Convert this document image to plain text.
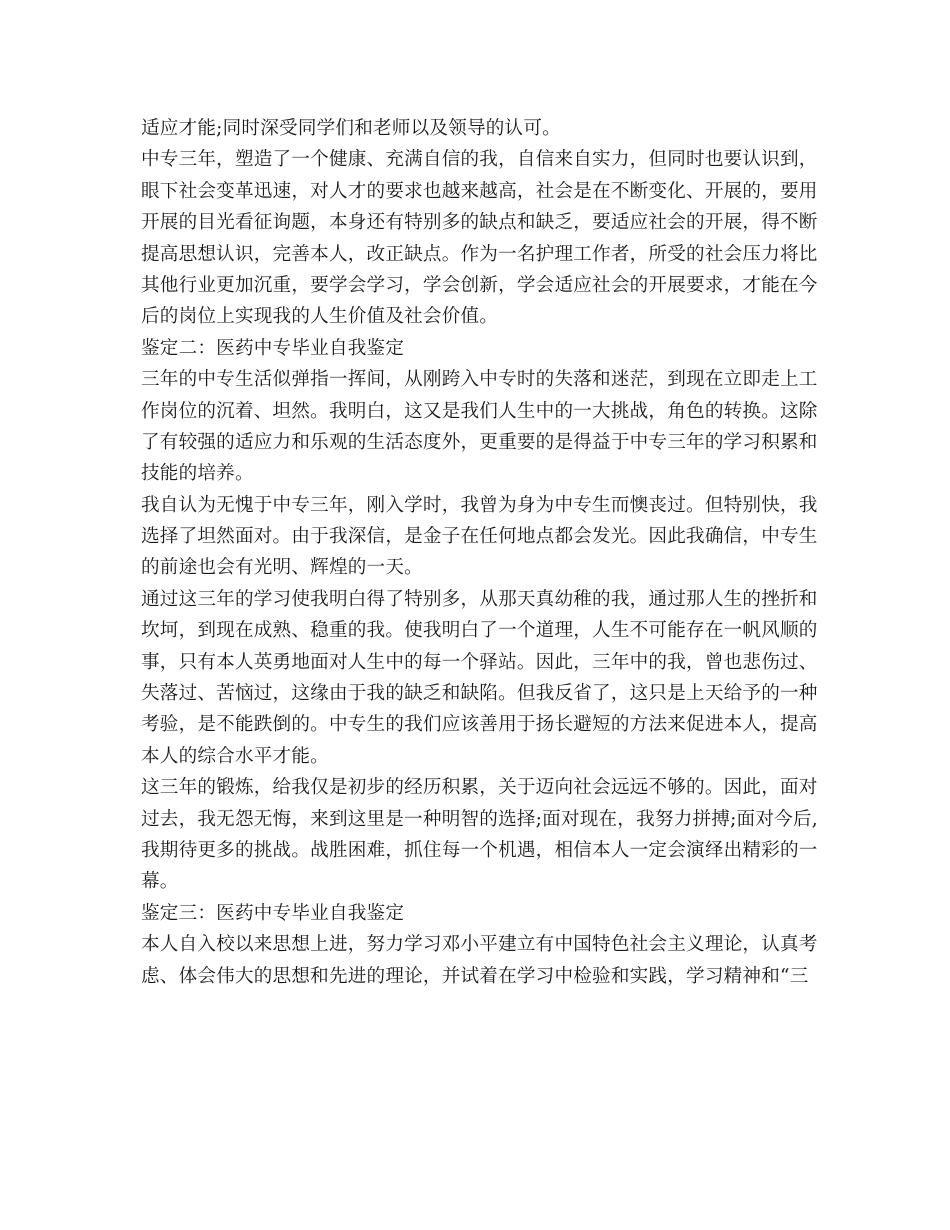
适应才能;同时深受同学们和老师以及领导的认可。
中专三年，塑造了一个健康、充满自信的我，自信来自实力，但同时也要认识到，
眼下社会变革迅速，对人才的要求也越来越高，社会是在不断变化、开展的，要用
开展的目光看征询题，本身还有特别多的缺点和缺乏，要适应社会的开展，得不断
提高思想认识，完善本人，改正缺点。作为一名护理工作者，所受的社会压力将比
其他行业更加沉重，要学会学习，学会创新，学会适应社会的开展要求，才能在今
后的岗位上实现我的人生价值及社会价值。
鉴定二：医药中专毕业自我鉴定
三年的中专生活似弹指一挥间，从刚跨入中专时的失落和迷茫，到现在立即走上工
作岗位的沉着、坦然。我明白，这又是我们人生中的一大挑战，角色的转换。这除
了有较强的适应力和乐观的生活态度外，更重要的是得益于中专三年的学习积累和
技能的培养。
我自认为无愧于中专三年，刚入学时，我曾为身为中专生而懊丧过。但特别快，我
选择了坦然面对。由于我深信，是金子在任何地点都会发光。因此我确信，中专生
的前途也会有光明、辉煌的一天。
通过这三年的学习使我明白得了特别多，从那天真幼稚的我，通过那人生的挫折和
坎坷，到现在成熟、稳重的我。使我明白了一个道理，人生不可能存在一帆风顺的
事，只有本人英勇地面对人生中的每一个驿站。因此，三年中的我，曾也悲伤过、
失落过、苦恼过，这缘由于我的缺乏和缺陷。但我反省了，这只是上天给予的一种
考验，是不能跌倒的。中专生的我们应该善用于扬长避短的方法来促进本人，提高
本人的综合水平才能。
这三年的锻炼，给我仅是初步的经历积累，关于迈向社会远远不够的。因此，面对
过去，我无怨无悔，来到这里是一种明智的选择;面对现在，我努力拼搏;面对今后,
我期待更多的挑战。战胜困难，抓住每一个机遇，相信本人一定会演绎出精彩的一
幕。
鉴定三：医药中专毕业自我鉴定
本人自入校以来思想上进，努力学习邓小平建立有中国特色社会主义理论，认真考
虑、体会伟大的思想和先进的理论，并试着在学习中检验和实践，学习精神和“三
